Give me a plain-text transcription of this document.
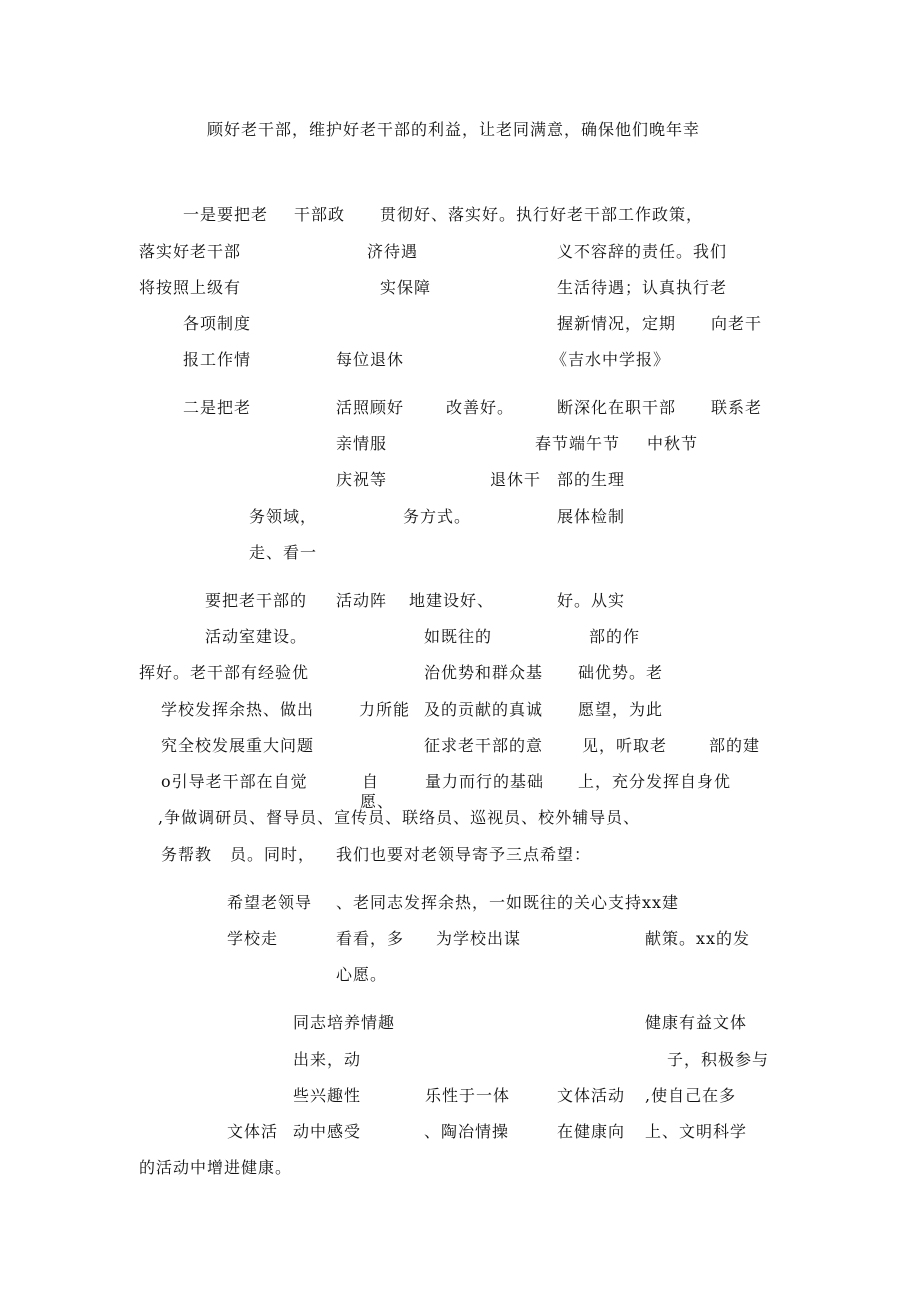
顾好老干部，维护好老干部的利益，让老同满意，确保他们晚年幸
一是要把老 干部政 贯彻好、落实好。执行好老干部工作政策，
落实好老干部	济待遇	义不容辞的责任。我们
将按照上级有	实保障	生活待遇；认真执行老
各项制度	握新情况，定期 向老干
报工作情	每位退休	《吉水中学报》
二是把老	活照顾好	改善好。	断深化在职干部 联系老
亲情服	春节端午节 中秋节
庆祝等	退休干 部的生理
务领域，	务方式。	展体检制
走、看一
要把老干部的 活动阵 地建设好、	好。从实
活动室建设。	如既往的	部的作
挥好。老干部有经验优	治优势和群众基 础优势。老
学校发挥余热、做出	力所能 及的贡献的真诚 愿望，为此
究全校发展重大问题	征求老干部的意 见，听取老	部的建
o引导老干部在自觉	自
愿、
量力而行的基础 上，充分发挥自身优
,争做调研员、督导员、宣传员、联络员、巡视员、校外辅导员、
务帮教 员。同时， 我们也要对老领导寄予三点希望：
希望老领导 、老同志发挥余热，一如既往的关心支持xx建
学校走	看看，多 为学校出谋	献策。xx的发
心愿。
同志培养情趣	健康有益文体
出来，动	子，积极参与
些兴趣性	乐性于一体	文体活动 ,使自己在多
文体活 动中感受	、陶冶情操	在健康向 上、文明科学
的活动中增进健康。
